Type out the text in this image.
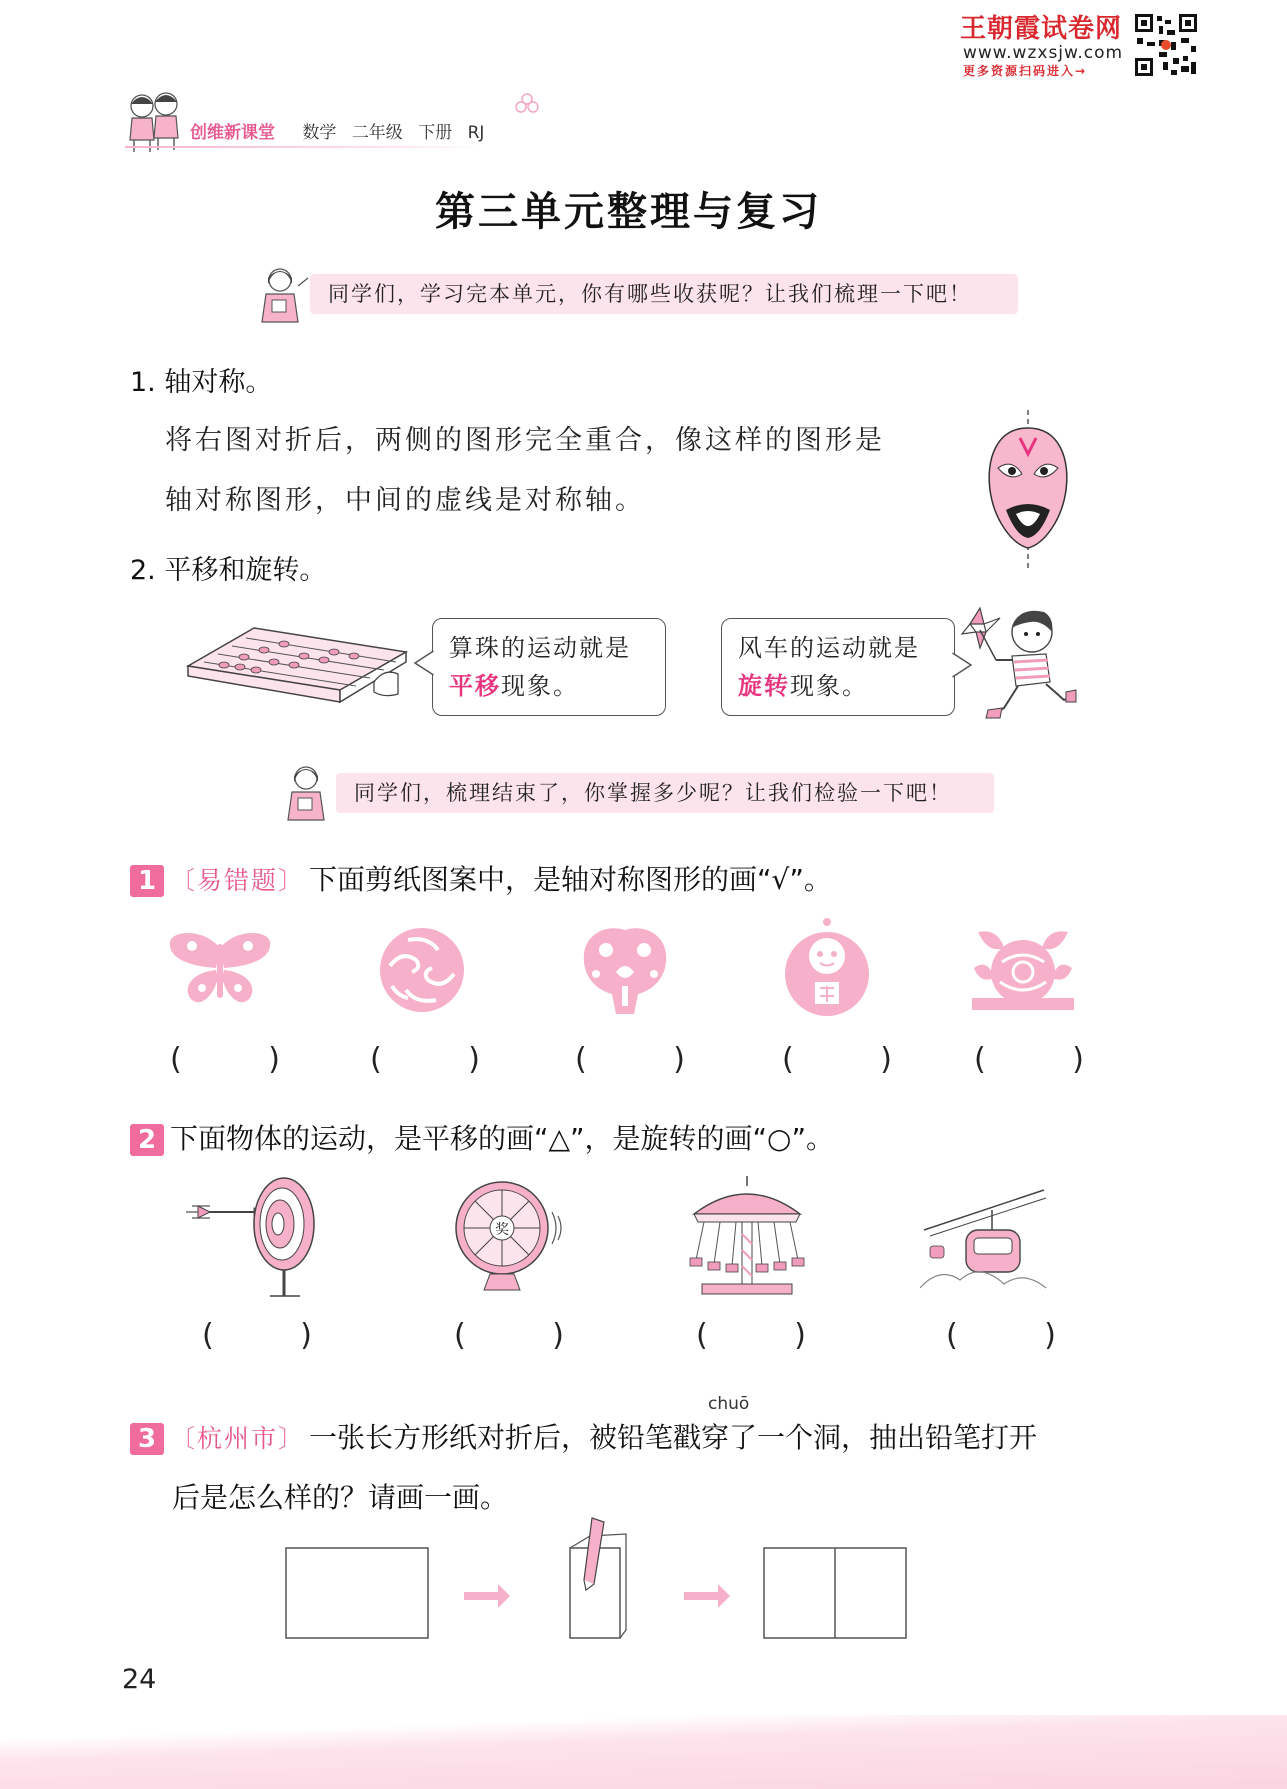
创维新课堂 数学 二年级 下册 RJ
王朝霞试卷网
www.wzxsjw.com
更多资源扫码进入→
第三单元整理与复习
同学们，学习完本单元，你有哪些收获呢？让我们梳理一下吧！
1. 轴对称。
将右图对折后，两侧的图形完全重合，像这样的图形是
轴对称图形，中间的虚线是对称轴。
2. 平移和旋转。
算珠的运动就是
平移现象。
风车的运动就是
旋转现象。
同学们，梳理结束了，你掌握多少呢？让我们检验一下吧！
1 〔易错题〕 下面剪纸图案中，是轴对称图形的画“√”。
(	)	(	)	(	)	(	)	(	)
2 下面物体的运动，是平移的画“△”，是旋转的画“○”。
奖
(	)	(	)	(	)	(	)
chuō
3 〔杭州市〕 一张长方形纸对折后，被铅笔戳穿了一个洞，抽出铅笔打开
后是怎么样的？请画一画。
24
